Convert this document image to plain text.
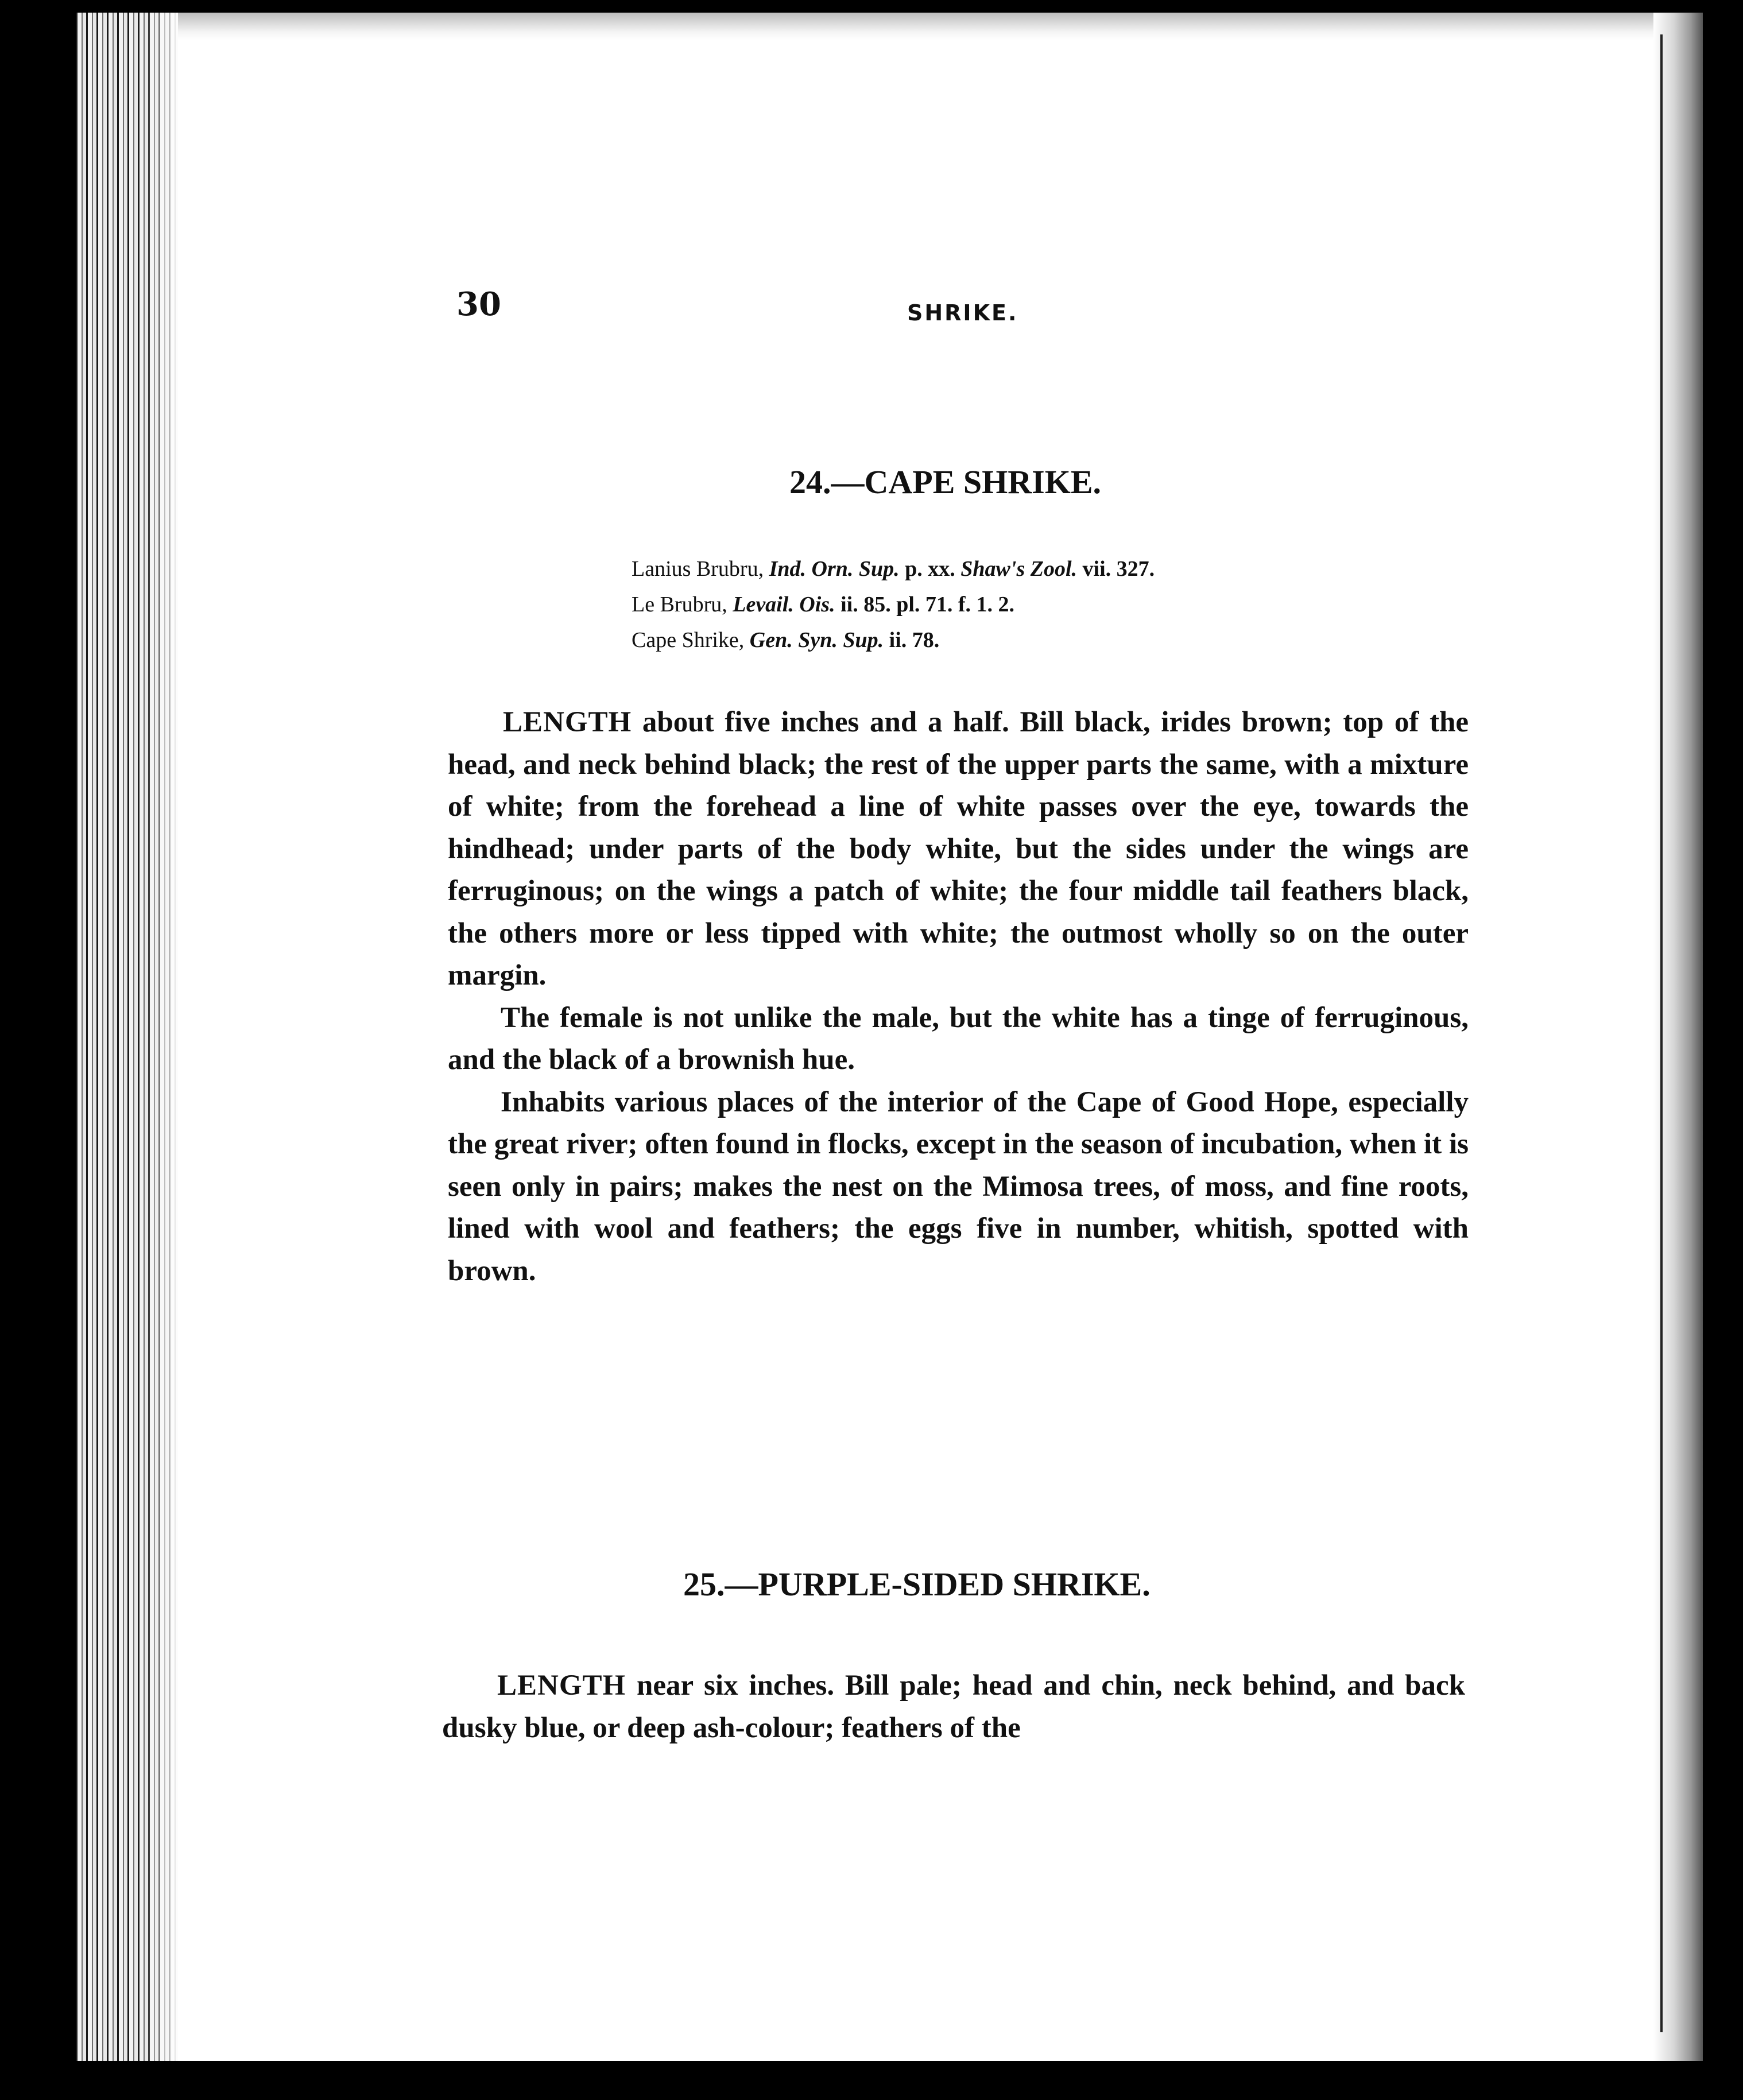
30	SHRIKE.
24.—CAPE SHRIKE.
Lanius Brubru, Ind. Orn. Sup. p. xx. Shaw's Zool. vii. 327.
Le Brubru, Levail. Ois. ii. 85. pl. 71. f. 1. 2.
Cape Shrike, Gen. Syn. Sup. ii. 78.

LENGTH about five inches and a half. Bill black, irides brown; top of the head, and neck behind black; the rest of the upper parts the same, with a mixture of white; from the forehead a line of white passes over the eye, towards the hindhead; under parts of the body white, but the sides under the wings are ferruginous; on the wings a patch of white; the four middle tail feathers black, the others more or less tipped with white; the outmost wholly so on the outer margin.

The female is not unlike the male, but the white has a tinge of ferruginous, and the black of a brownish hue.

Inhabits various places of the interior of the Cape of Good Hope, especially the great river; often found in flocks, except in the season of incubation, when it is seen only in pairs; makes the nest on the Mimosa trees, of moss, and fine roots, lined with wool and feathers; the eggs five in number, whitish, spotted with brown.

25.—PURPLE-SIDED SHRIKE.

LENGTH near six inches. Bill pale; head and chin, neck behind, and back dusky blue, or deep ash-colour; feathers of the
